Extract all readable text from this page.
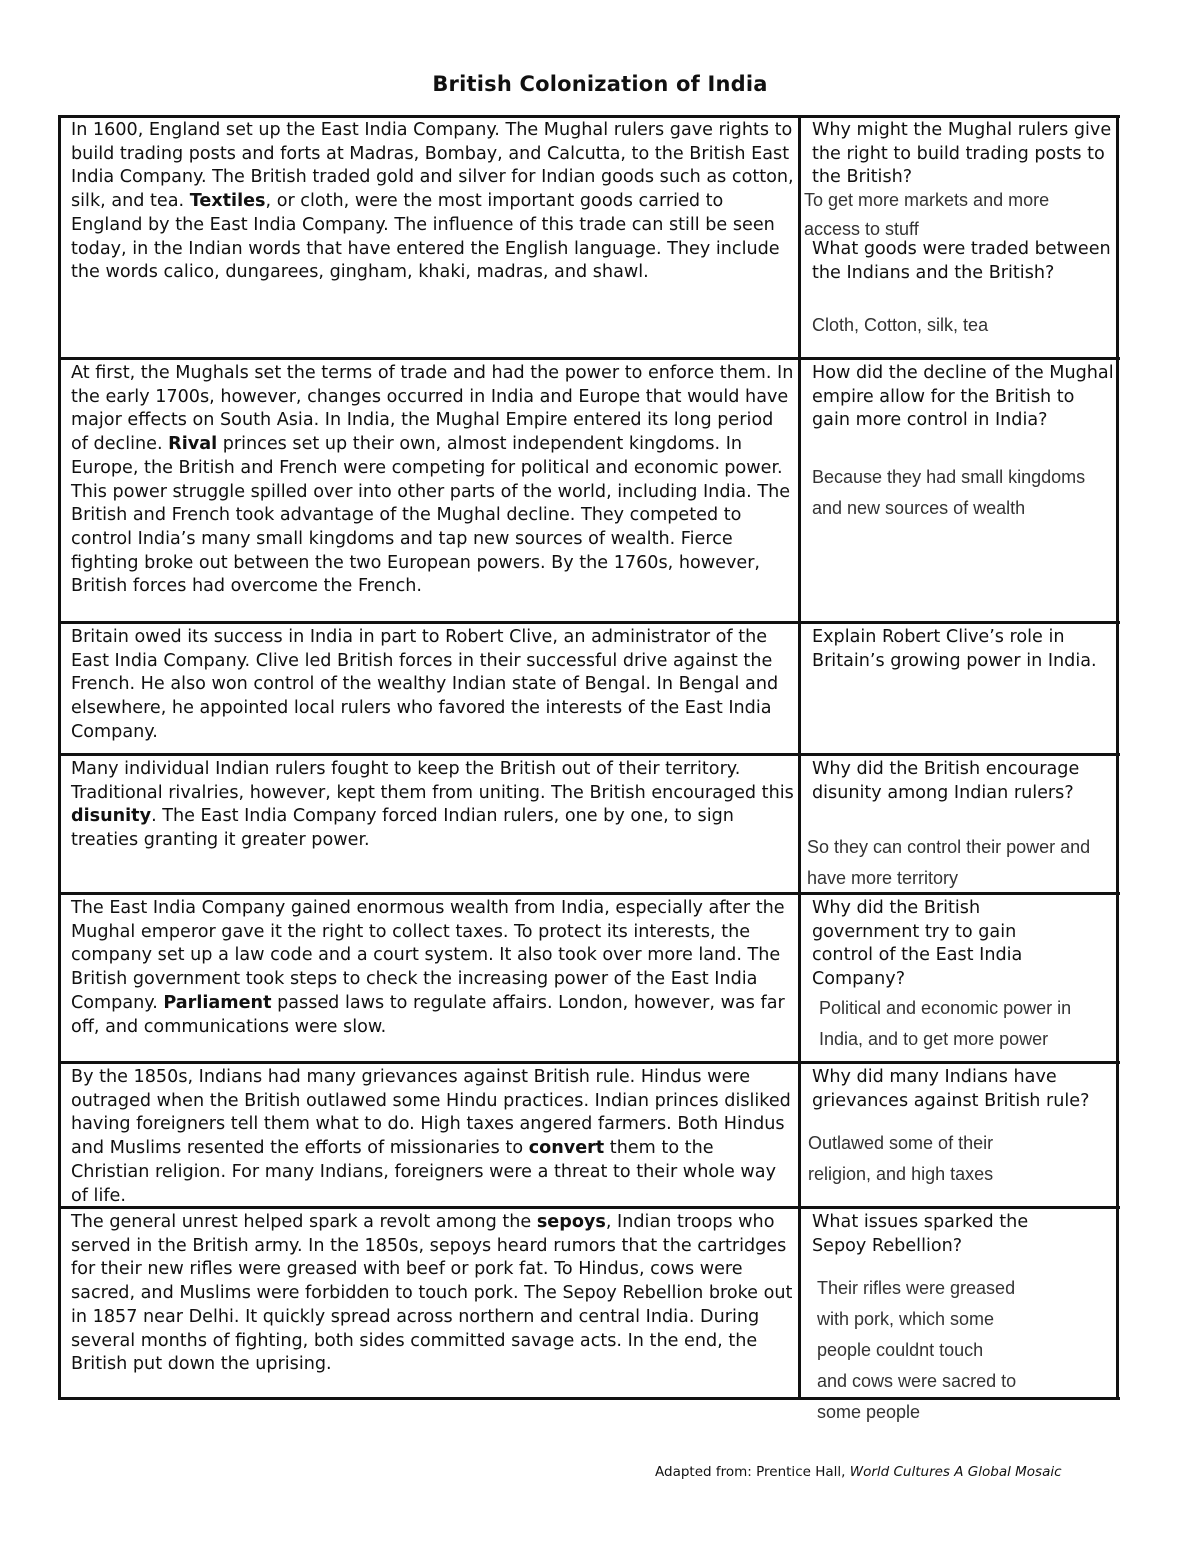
British Colonization of India

In 1600, England set up the East India Company. The Mughal rulers gave rights to build trading posts and forts at Madras, Bombay, and Calcutta, to the British East India Company. The British traded gold and silver for Indian goods such as cotton, silk, and tea. Textiles, or cloth, were the most important goods carried to England by the East India Company. The influence of this trade can still be seen today, in the Indian words that have entered the English language. They include the words calico, dungarees, gingham, khaki, madras, and shawl.

Why might the Mughal rulers give the right to build trading posts to the British?

To get more markets and more access to stuff

What goods were traded between the Indians and the British?

Cloth, Cotton, silk, tea

At first, the Mughals set the terms of trade and had the power to enforce them. In the early 1700s, however, changes occurred in India and Europe that would have major effects on South Asia. In India, the Mughal Empire entered its long period of decline. Rival princes set up their own, almost independent kingdoms. In Europe, the British and French were competing for political and economic power. This power struggle spilled over into other parts of the world, including India. The British and French took advantage of the Mughal decline. They competed to control India’s many small kingdoms and tap new sources of wealth. Fierce fighting broke out between the two European powers. By the 1760s, however, British forces had overcome the French.

How did the decline of the Mughal empire allow for the British to gain more control in India?

Because they had small kingdoms and new sources of wealth

Britain owed its success in India in part to Robert Clive, an administrator of the East India Company. Clive led British forces in their successful drive against the French. He also won control of the wealthy Indian state of Bengal. In Bengal and elsewhere, he appointed local rulers who favored the interests of the East India Company.

Explain Robert Clive’s role in Britain’s growing power in India.

Many individual Indian rulers fought to keep the British out of their territory. Traditional rivalries, however, kept them from uniting. The British encouraged this disunity. The East India Company forced Indian rulers, one by one, to sign treaties granting it greater power.

Why did the British encourage disunity among Indian rulers?

So they can control their power and have more territory

The East India Company gained enormous wealth from India, especially after the Mughal emperor gave it the right to collect taxes. To protect its interests, the company set up a law code and a court system. It also took over more land. The British government took steps to check the increasing power of the East India Company. Parliament passed laws to regulate affairs. London, however, was far off, and communications were slow.

Why did the British government try to gain control of the East India Company?

Political and economic power in India, and to get more power

By the 1850s, Indians had many grievances against British rule. Hindus were outraged when the British outlawed some Hindu practices. Indian princes disliked having foreigners tell them what to do. High taxes angered farmers. Both Hindus and Muslims resented the efforts of missionaries to convert them to the Christian religion. For many Indians, foreigners were a threat to their whole way of life.

Why did many Indians have grievances against British rule?

Outlawed some of their religion, and high taxes

The general unrest helped spark a revolt among the sepoys, Indian troops who served in the British army. In the 1850s, sepoys heard rumors that the cartridges for their new rifles were greased with beef or pork fat. To Hindus, cows were sacred, and Muslims were forbidden to touch pork. The Sepoy Rebellion broke out in 1857 near Delhi. It quickly spread across northern and central India. During several months of fighting, both sides committed savage acts. In the end, the British put down the uprising.

What issues sparked the Sepoy Rebellion?

Their rifles were greased with pork, which some people couldnt touch and cows were sacred to some people

Adapted from: Prentice Hall, World Cultures A Global Mosaic
